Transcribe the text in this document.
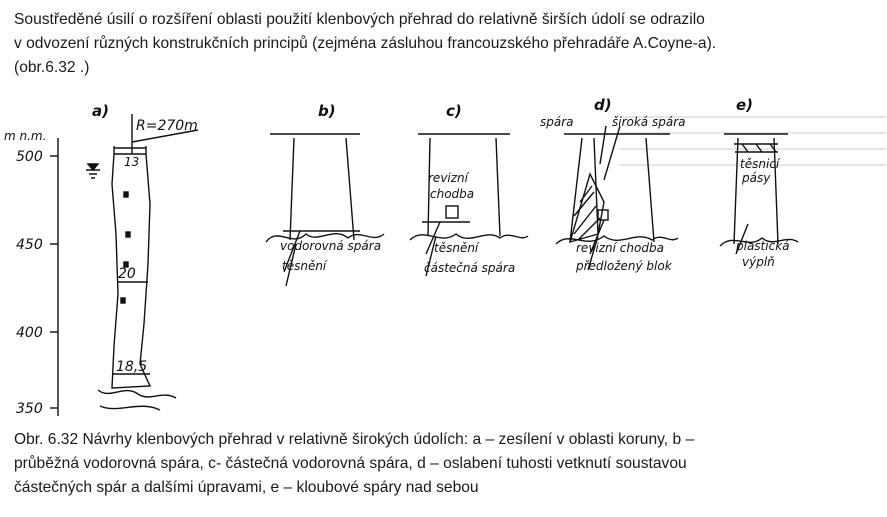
Soustředěné úsilí o rozšíření oblasti použití klenbových přehrad do relativně širších údolí se odrazilo

v odvození různých konstrukčních principů (zejména zásluhou francouzského přehradáře A.Coyne-a).

(obr.6.32 .)

a)
m n.m.
500
450
400
350
R=270m
13
20
18,5
b)
vodorovná spára
těsnění
c)
revizní
chodba
těsnění
částečná spára
d)
spára	široká spára
revizní chodba
předložený blok
e)
těsnicí
pásy
plastická
výplň

Obr. 6.32 Návrhy klenbových přehrad v relativně širokých údolích: a – zesílení v oblasti koruny, b –

průběžná vodorovná spára, c- částečná vodorovná spára, d – oslabení tuhosti vetknutí soustavou

částečných spár a dalšími úpravami, e – kloubové spáry nad sebou
